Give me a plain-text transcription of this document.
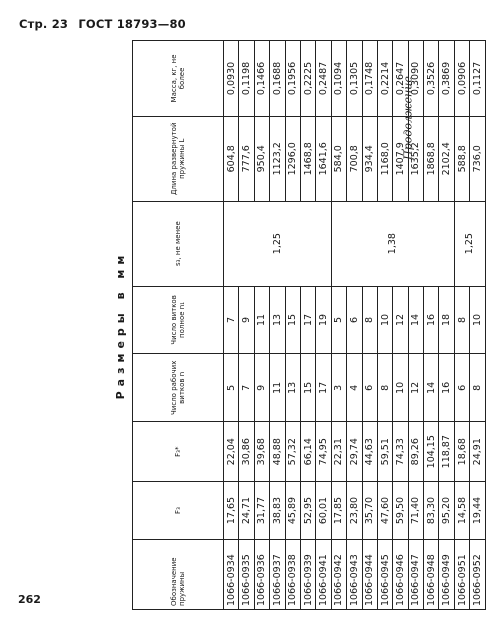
Стр. 23 ГОСТ 18793—80
Продолжение
262
Размеры в мм
Обозначение пружины	F₃	F₃*	Число рабочих витков n	Число витков полное n₁	s₃, не менее	Длина развернутой пружины L	Масса, кг, не более
1066-0934	17,65	22,04	5	7	1,25	604,8	0,0930
1066-0935	24,71	30,86	7	9		777,6	0,1198
1066-0936	31,77	39,68	9	11		950,4	0,1466
1066-0937	38,83	48,88	11	13		1123,2	0,1688
1066-0938	45,89	57,32	13	15		1296,0	0,1956
1066-0939	52,95	66,14	15	17		1468,8	0,2225
1066-0941	60,01	74,95	17	19		1641,6	0,2487
1066-0942	17,85	22,31	3	5	1,38	584,0	0,1094
1066-0943	23,80	29,74	4	6		700,8	0,1305
1066-0944	35,70	44,63	6	8		934,4	0,1748
1066-0945	47,60	59,51	8	10		1168,0	0,2214
1066-0946	59,50	74,33	10	12		1407,9	0,2647
1066-0947	71,40	89,26	12	14		1635,2	0,3090
1066-0948	83,30	104,15	14	16		1868,8	0,3526
1066-0949	95,20	118,87	16	18		2102,4	0,3869
1066-0951	14,58	18,68	6	8	1,25	588,8	0,0906
1066-0952	19,44	24,91	8	10		736,0	0,1127
